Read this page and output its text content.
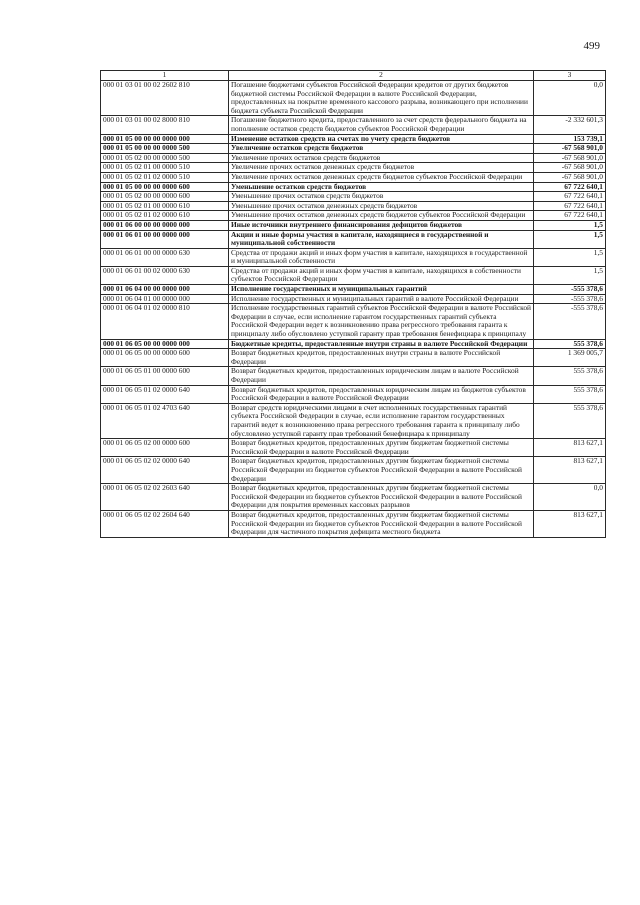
499
1	2	3
000 01 03 01 00 02 2602 810	Погашение бюджетами субъектов Российской Федерации кредитов от других бюджетов бюджетной системы Российской Федерации в валюте Российской Федерации, предоставленных на покрытие временного кассового разрыва, возникающего при исполнении бюджета субъекта Российской Федерации	0,0
000 01 03 01 00 02 8000 810	Погашение бюджетного кредита, предоставленного за счет средств федерального бюджета на пополнение остатков средств бюджетов субъектов Российской Федерации	-2 332 601,3
000 01 05 00 00 00 0000 000	Изменение остатков средств на счетах по учету средств бюджетов	153 739,1
000 01 05 00 00 00 0000 500	Увеличение остатков средств бюджетов	-67 568 901,0
000 01 05 02 00 00 0000 500	Увеличение прочих остатков средств бюджетов	-67 568 901,0
000 01 05 02 01 00 0000 510	Увеличение прочих остатков денежных средств бюджетов	-67 568 901,0
000 01 05 02 01 02 0000 510	Увеличение прочих остатков денежных средств бюджетов субъектов Российской Федерации	-67 568 901,0
000 01 05 00 00 00 0000 600	Уменьшение остатков средств бюджетов	67 722 640,1
000 01 05 02 00 00 0000 600	Уменьшение прочих остатков средств бюджетов	67 722 640,1
000 01 05 02 01 00 0000 610	Уменьшение прочих остатков денежных средств бюджетов	67 722 640,1
000 01 05 02 01 02 0000 610	Уменьшение прочих остатков денежных средств бюджетов субъектов Российской Федерации	67 722 640,1
000 01 06 00 00 00 0000 000	Иные источники внутреннего финансирования дефицитов бюджетов	1,5
000 01 06 01 00 00 0000 000	Акции и иные формы участия в капитале, находящиеся в государственной и муниципальной собственности	1,5
000 01 06 01 00 00 0000 630	Средства от продажи акций и иных форм участия в капитале, находящихся в государственной и муниципальной собственности	1,5
000 01 06 01 00 02 0000 630	Средства от продажи акций и иных форм участия в капитале, находящихся в собственности субъектов Российской Федерации	1,5
000 01 06 04 00 00 0000 000	Исполнение государственных и муниципальных гарантий	-555 378,6
000 01 06 04 01 00 0000 000	Исполнение государственных и муниципальных гарантий в валюте Российской Федерации	-555 378,6
000 01 06 04 01 02 0000 810	Исполнение государственных гарантий субъектов Российской Федерации в валюте Российской Федерации в случае, если исполнение гарантом государственных гарантий субъекта Российской Федерации ведет к возникновению права регрессного требования гаранта к принципалу либо обусловлено уступкой гаранту прав требования бенефициара к принципалу	-555 378,6
000 01 06 05 00 00 0000 000	Бюджетные кредиты, предоставленные внутри страны в валюте Российской Федерации	555 378,6
000 01 06 05 00 00 0000 600	Возврат бюджетных кредитов, предоставленных внутри страны в валюте Российской Федерации	1 369 005,7
000 01 06 05 01 00 0000 600	Возврат бюджетных кредитов, предоставленных юридическим лицам в валюте Российской Федерации	555 378,6
000 01 06 05 01 02 0000 640	Возврат бюджетных кредитов, предоставленных юридическим лицам из бюджетов субъектов Российской Федерации в валюте Российской Федерации	555 378,6
000 01 06 05 01 02 4703 640	Возврат средств юридическими лицами в счет исполненных государственных гарантий субъекта Российской Федерации в случае, если исполнение гарантом государственных гарантий ведет к возникновению права регрессного требования гаранта к принципалу либо обусловлено уступкой гаранту прав требований бенефициара к принципалу	555 378,6
000 01 06 05 02 00 0000 600	Возврат бюджетных кредитов, предоставленных другим бюджетам бюджетной системы Российской Федерации в валюте Российской Федерации	813 627,1
000 01 06 05 02 02 0000 640	Возврат бюджетных кредитов, предоставленных другим бюджетам бюджетной системы Российской Федерации из бюджетов субъектов Российской Федерации в валюте Российской Федерации	813 627,1
000 01 06 05 02 02 2603 640	Возврат бюджетных кредитов, предоставленных другим бюджетам бюджетной системы Российской Федерации из бюджетов субъектов Российской Федерации в валюте Российской Федерации для покрытия временных кассовых разрывов	0,0
000 01 06 05 02 02 2604 640	Возврат бюджетных кредитов, предоставленных другим бюджетам бюджетной системы Российской Федерации из бюджетов субъектов Российской Федерации в валюте Российской Федерации для частичного покрытия дефицита местного бюджета	813 627,1
